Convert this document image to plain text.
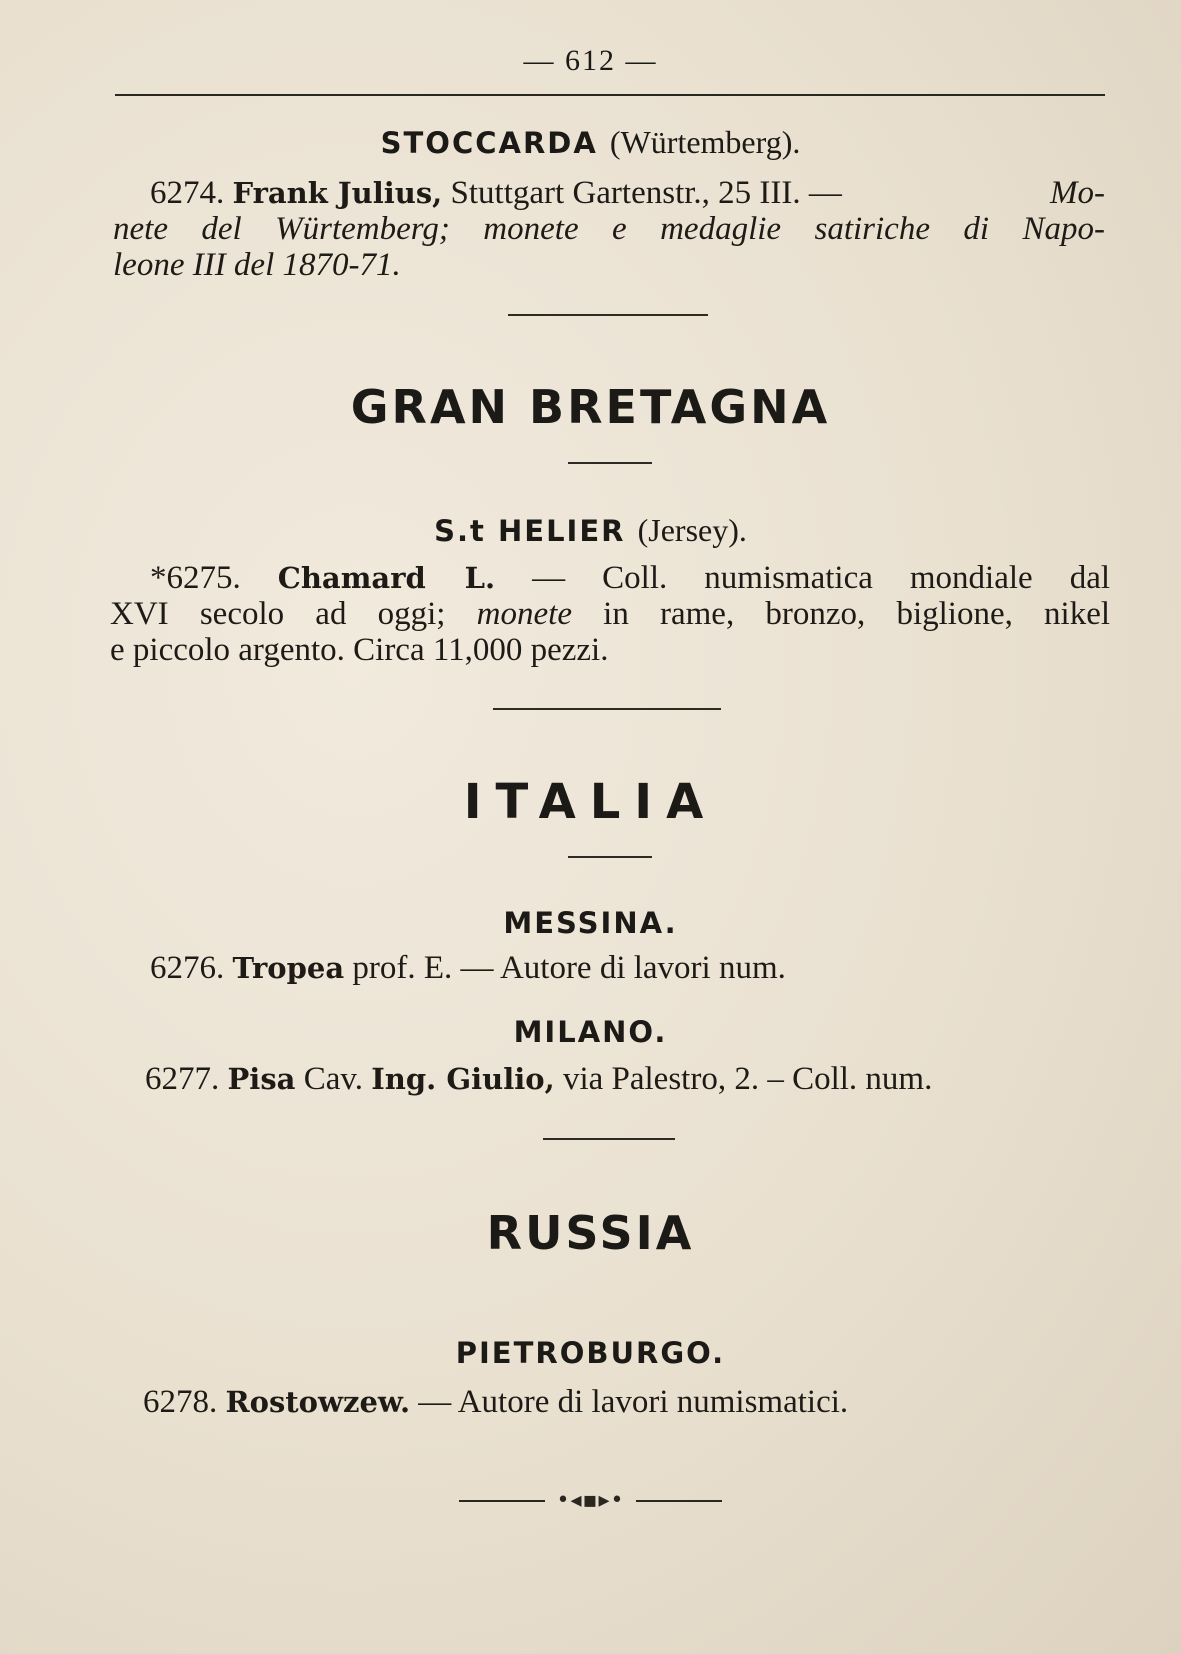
— 612 —
STOCCARDA (Würtemberg).
6274. Frank Julius, Stuttgart Gartenstr., 25 III. —	Mo-
nete del Würtemberg; monete e medaglie satiriche di Napo-
leone III del 1870-71.
GRAN BRETAGNA
S.t HELIER (Jersey).
*6275. Chamard L. — Coll. numismatica mondiale dal
XVI secolo ad oggi; monete in rame, bronzo, biglione, nikel
e piccolo argento. Circa 11,000 pezzi.
ITALIA
MESSINA.
6276. Tropea prof. E. — Autore di lavori num.
MILANO.
6277. Pisa Cav. Ing. Giulio, via Palestro, 2. – Coll. num.
RUSSIA
PIETROBURGO.
6278. Rostowzew. — Autore di lavori numismatici.
•◂▪▸•
